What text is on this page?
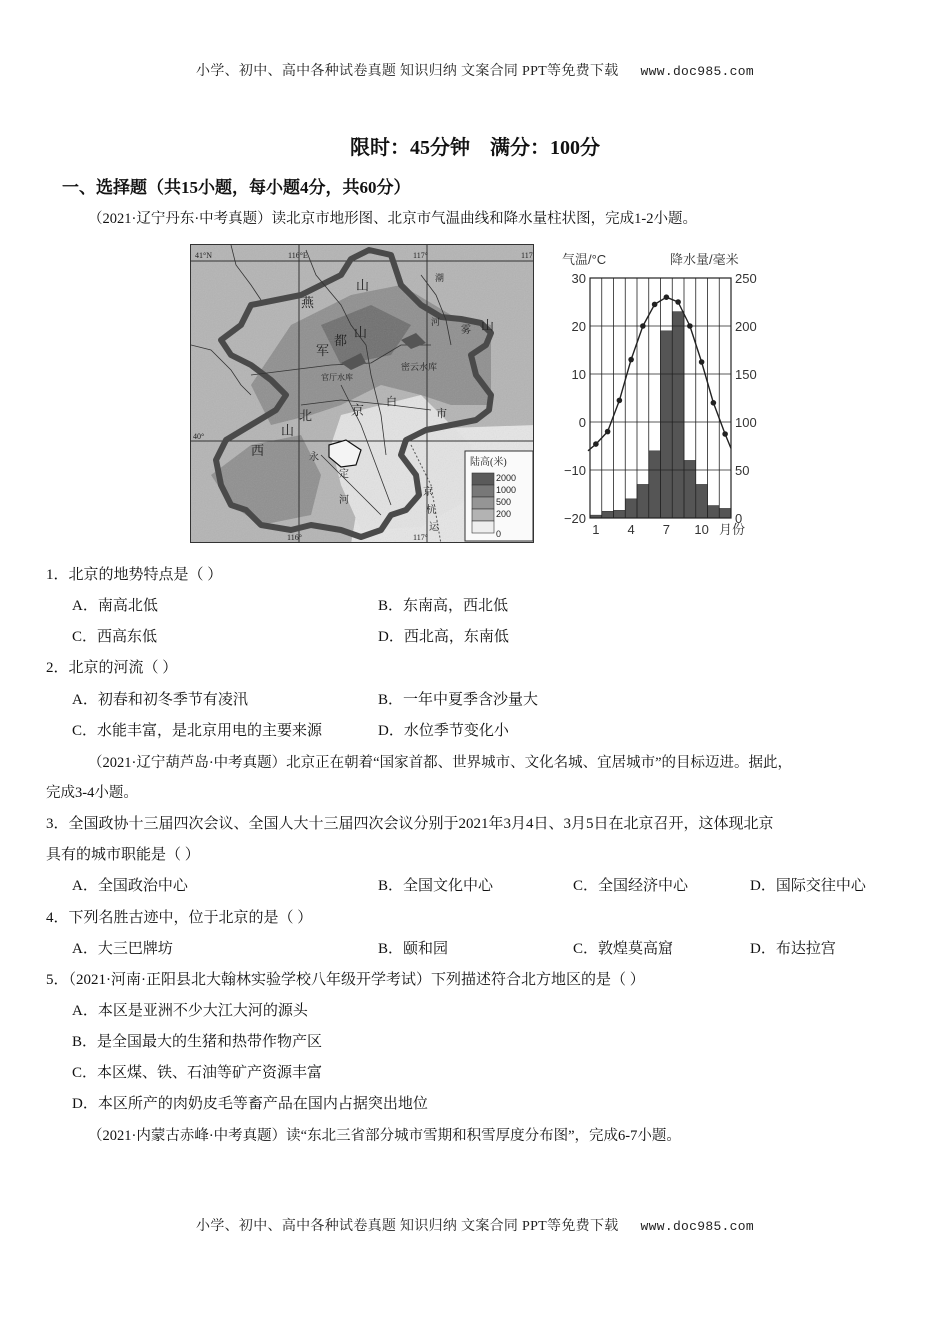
小学、初中、高中各种试卷真题 知识归纳 文案合同 PPT等免费下载 www.doc985.com
限时：45分钟 满分：100分
一、选择题（共15小题，每小题4分，共60分）
（2021·辽宁丹东·中考真题）读北京市地形图、北京市气温曲线和降水量柱状图，完成1-2小题。
41°N	116°E	117°	117
40°
116°	117°
燕
山
军
都
山
北	京
白
市
山
西
定
河
永
京
杭
运
山
雾
密云水库
官厅水库
潮
河
陆高(米)
2000
1000
500
200
0
气温/°C	降水量/毫米
30
20
10
0
−10
−20
250
200
150
100
50
0
1 4 7 10 月份
1．北京的地势特点是（ ）
A．南高北低	B．东南高，西北低
C．西高东低	D．西北高，东南低
2．北京的河流（ ）
A．初春和初冬季节有凌汛	B．一年中夏季含沙量大
C．水能丰富，是北京用电的主要来源	D．水位季节变化小
（2021·辽宁葫芦岛·中考真题）北京正在朝着“国家首都、世界城市、文化名城、宜居城市”的目标迈进。据此，
完成3-4小题。
3．全国政协十三届四次会议、全国人大十三届四次会议分别于2021年3月4日、3月5日在北京召开，这体现北京
具有的城市职能是（ ）
A．全国政治中心	B．全国文化中心	C．全国经济中心	D．国际交往中心
4．下列名胜古迹中，位于北京的是（ ）
A．大三巴牌坊	B．颐和园	C．敦煌莫高窟	D．布达拉宫
5．（2021·河南·正阳县北大翰林实验学校八年级开学考试）下列描述符合北方地区的是（ ）
A．本区是亚洲不少大江大河的源头
B．是全国最大的生猪和热带作物产区
C．本区煤、铁、石油等矿产资源丰富
D．本区所产的肉奶皮毛等畜产品在国内占据突出地位
（2021·内蒙古赤峰·中考真题）读“东北三省部分城市雪期和积雪厚度分布图”，完成6-7小题。
小学、初中、高中各种试卷真题 知识归纳 文案合同 PPT等免费下载 www.doc985.com
